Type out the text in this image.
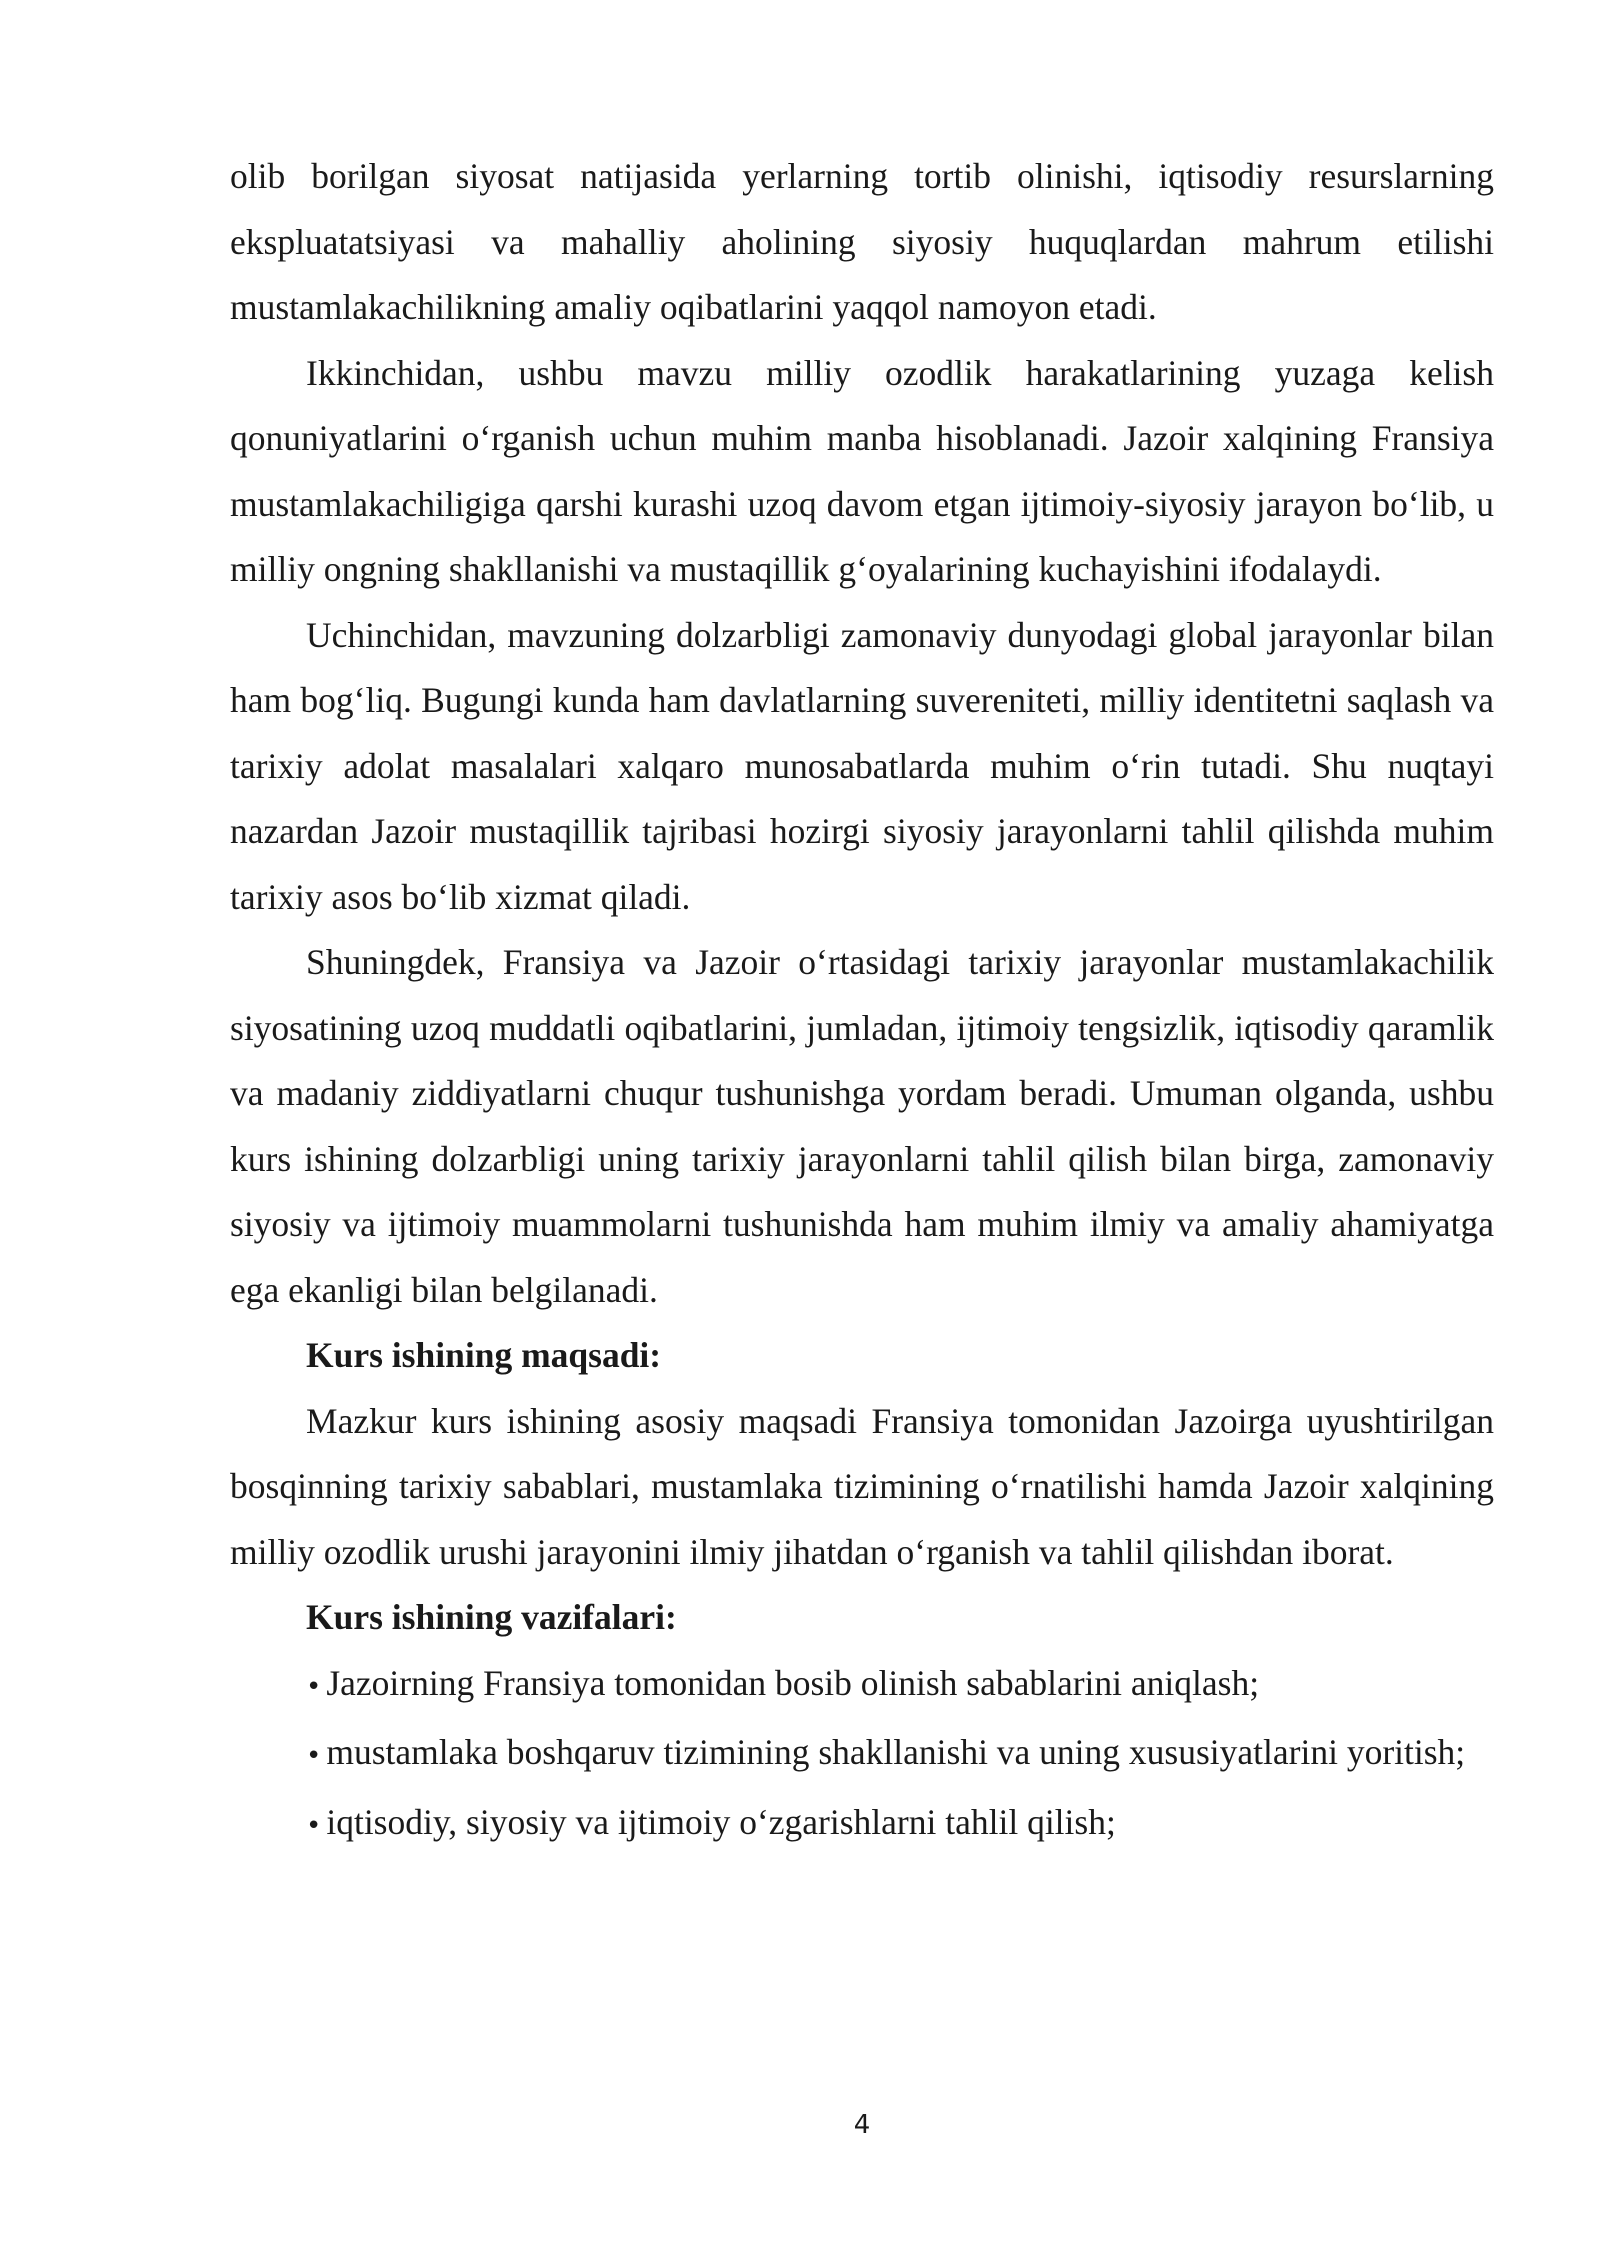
olib borilgan siyosat natijasida yerlarning tortib olinishi, iqtisodiy resurslarning ekspluatatsiyasi va mahalliy aholining siyosiy huquqlardan mahrum etilishi mustamlakachilikning amaliy oqibatlarini yaqqol namoyon etadi.

Ikkinchidan, ushbu mavzu milliy ozodlik harakatlarining yuzaga kelish qonuniyatlarini oʻrganish uchun muhim manba hisoblanadi. Jazoir xalqining Fransiya mustamlakachiligiga qarshi kurashi uzoq davom etgan ijtimoiy-siyosiy jarayon boʻlib, u milliy ongning shakllanishi va mustaqillik gʻoyalarining kuchayishini ifodalaydi.

Uchinchidan, mavzuning dolzarbligi zamonaviy dunyodagi global jarayonlar bilan ham bogʻliq. Bugungi kunda ham davlatlarning suvereniteti, milliy identitetni saqlash va tarixiy adolat masalalari xalqaro munosabatlarda muhim oʻrin tutadi. Shu nuqtayi nazardan Jazoir mustaqillik tajribasi hozirgi siyosiy jarayonlarni tahlil qilishda muhim tarixiy asos boʻlib xizmat qiladi.

Shuningdek, Fransiya va Jazoir oʻrtasidagi tarixiy jarayonlar mustamlakachilik siyosatining uzoq muddatli oqibatlarini, jumladan, ijtimoiy tengsizlik, iqtisodiy qaramlik va madaniy ziddiyatlarni chuqur tushunishga yordam beradi. Umuman olganda, ushbu kurs ishining dolzarbligi uning tarixiy jarayonlarni tahlil qilish bilan birga, zamonaviy siyosiy va ijtimoiy muammolarni tushunishda ham muhim ilmiy va amaliy ahamiyatga ega ekanligi bilan belgilanadi.

Kurs ishining maqsadi:

Mazkur kurs ishining asosiy maqsadi Fransiya tomonidan Jazoirga uyushtirilgan bosqinning tarixiy sabablari, mustamlaka tizimining oʻrnatilishi hamda Jazoir xalqining milliy ozodlik urushi jarayonini ilmiy jihatdan oʻrganish va tahlil qilishdan iborat.

Kurs ishining vazifalari:

• Jazoirning Fransiya tomonidan bosib olinish sabablarini aniqlash;

• mustamlaka boshqaruv tizimining shakllanishi va uning xususiyatlarini yoritish;

• iqtisodiy, siyosiy va ijtimoiy oʻzgarishlarni tahlil qilish;

4
